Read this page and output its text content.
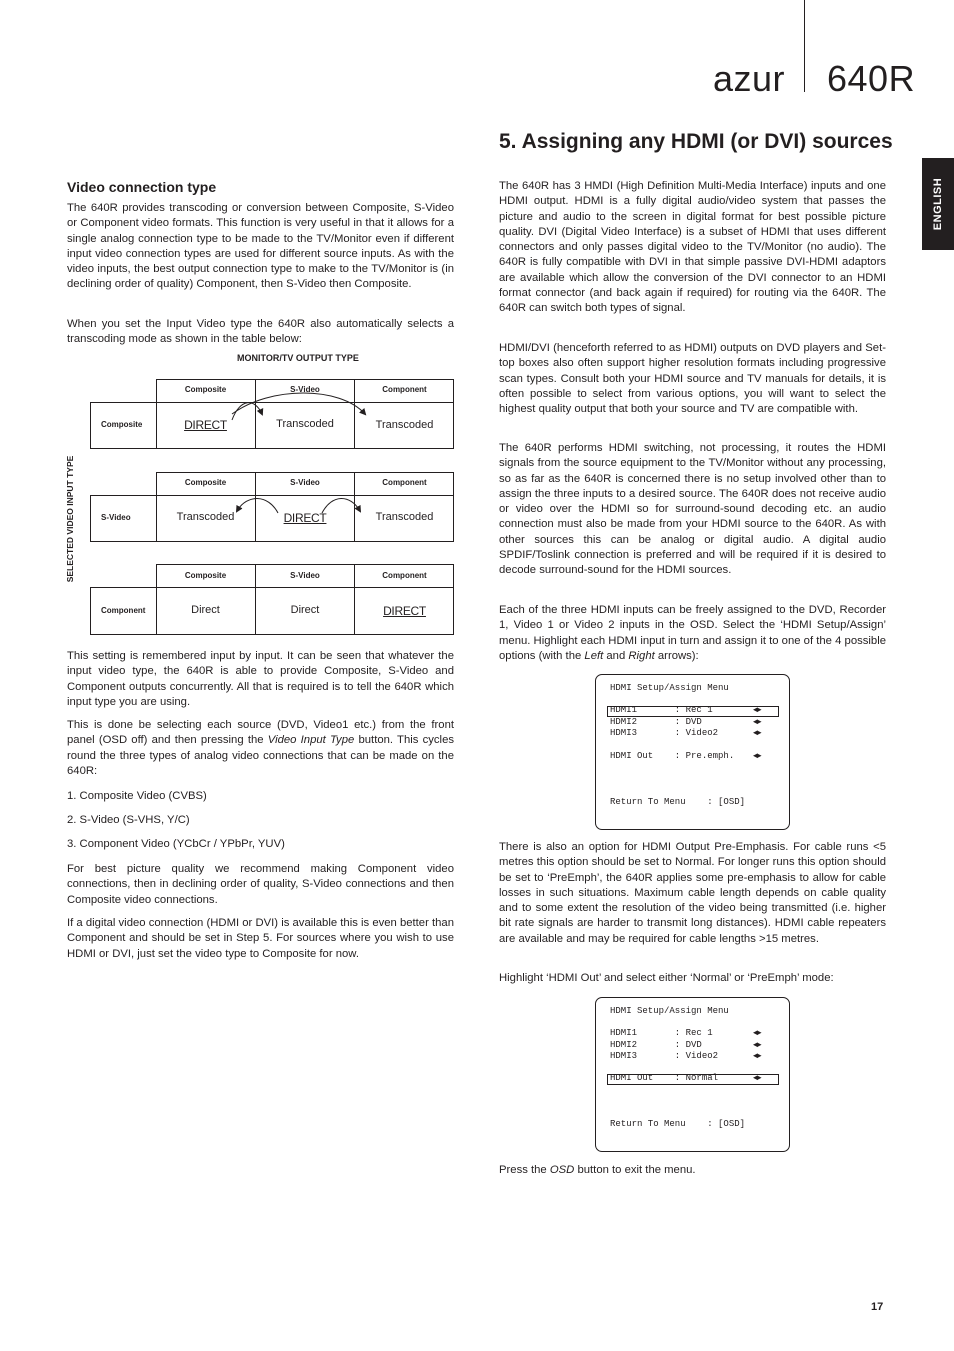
azur 640R
ENGLISH
Video connection type

The 640R provides transcoding or conversion between Composite, S-Video or Component video formats. This function is very useful in that it allows for a single analog connection type to be made to the TV/Monitor even if different input video connection types are used for different source inputs. As with the video inputs, the best output connection type to make to the TV/Monitor is (in declining order of quality) Component, then S-Video then Composite.

When you set the Input Video type the 640R also automatically selects a transcoding mode as shown in the table below:

MONITOR/TV OUTPUT TYPE
SELECTED VIDEO INPUT TYPE
Composite	S-Video	Component
Composite	DIRECT	Transcoded	Transcoded
Composite	S-Video	Component
S-Video	Transcoded	DIRECT	Transcoded
Composite	S-Video	Component
Component	Direct	Direct	DIRECT

This setting is remembered input by input. It can be seen that whatever the input video type, the 640R is able to provide Composite, S-Video and Component outputs concurrently. All that is required is to tell the 640R which input type you are using.

This is done be selecting each source (DVD, Video1 etc.) from the front panel (OSD off) and then pressing the Video Input Type button. This cycles round the three types of analog video connections that can be made on the 640R:

1. Composite Video (CVBS)
2. S-Video (S-VHS, Y/C)
3. Component Video (YCbCr / YPbPr, YUV)

For best picture quality we recommend making Component video connections, then in declining order of quality, S-Video connections and then Composite video connections.

If a digital video connection (HDMI or DVI) is available this is even better than Component and should be set in Step 5. For sources where you wish to use HDMI or DVI, just set the video type to Composite for now.

5. Assigning any HDMI (or DVI) sources

The 640R has 3 HMDI (High Definition Multi-Media Interface) inputs and one HDMI output. HDMI is a fully digital audio/video system that passes the picture and audio to the screen in digital format for best possible picture quality. DVI (Digital Video Interface) is a subset of HDMI that uses different connectors and only passes digital video to the TV/Monitor (no audio). The 640R is fully compatible with DVI in that simple passive DVI-HDMI adaptors are available which allow the conversion of the DVI connector to an HDMI format connector (and back again if required) for routing via the 640R. The 640R can switch both types of signal.

HDMI/DVI (henceforth referred to as HDMI) outputs on DVD players and Set-top boxes also often support higher resolution formats including progressive scan types. Consult both your HDMI source and TV manuals for details, it is often possible to select from various options, you will want to select the highest quality output that both your source and TV are compatible with.

The 640R performs HDMI switching, not processing, it routes the HDMI signals from the source equipment to the TV/Monitor without any processing, so as far as the 640R is concerned there is no setup involved other than to assign the three inputs to a desired source. The 640R does not receive audio or video over the HDMI so for surround-sound decoding etc. an audio connection must also be made from your HDMI source to the 640R. As with other sources this can be analog or digital audio. A digital audio SPDIF/Toslink connection is preferred and will be required if it is desired to decode surround-sound for the HDMI sources.

Each of the three HDMI inputs can be freely assigned to the DVD, Recorder 1, Video 1 or Video 2 inputs in the OSD. Select the ‘HDMI Setup/Assign’ menu. Highlight each HDMI input in turn and assign it to one of the 4 possible options (with the Left and Right arrows):

HDMI Setup/Assign Menu
HDMI1       : Rec 1	◄►
HDMI2       : DVD	◄►
HDMI3       : Video2	◄►
HDMI Out    : Pre.emph. ◄►
Return To Menu    : [OSD]

There is also an option for HDMI Output Pre-Emphasis. For cable runs <5 metres this option should be set to Normal. For longer runs this option should be set to ‘PreEmph’, the 640R applies some pre-emphasis to allow for cable losses in such situations. Maximum cable length depends on cable quality and to some extent the resolution of the video being transmitted (i.e. higher bit rate signals are harder to transmit long distances). HDMI cable repeaters are available and may be required for cable lengths >15 metres.

Highlight ‘HDMI Out’ and select either ‘Normal’ or ‘PreEmph’ mode:

HDMI Setup/Assign Menu
HDMI1       : Rec 1	◄►
HDMI2       : DVD	◄►
HDMI3       : Video2	◄►
HDMI Out    : Normal	◄►
Return To Menu    : [OSD]

Press the OSD button to exit the menu.

17
